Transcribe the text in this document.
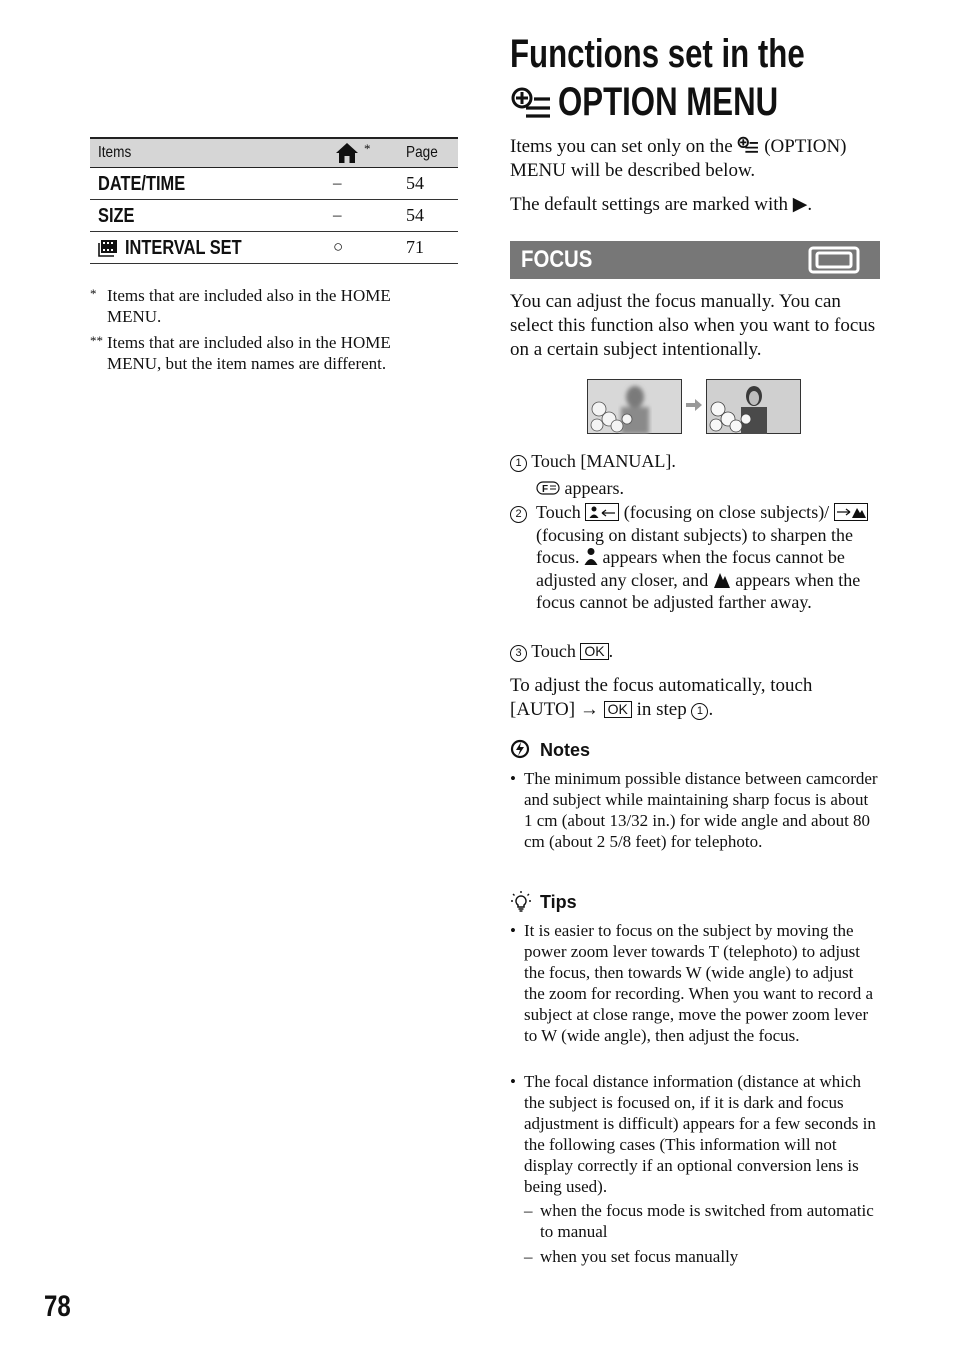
Items	* Page
DATE/TIME	–	54
SIZE	–	54
INTERVAL SET	○	71
* Items that are included also in the HOME MENU.
** Items that are included also in the HOME MENU, but the item names are different.
78
Functions set in the
OPTION MENU
Items you can set only on the (OPTION) MENU will be described below.
The default settings are marked with ▶.
FOCUS
You can adjust the focus manually. You can select this function also when you want to focus on a certain subject intentionally.
1 Touch [MANUAL].
F appears.
2 Touch (focusing on close subjects)/  (focusing on distant subjects) to sharpen the focus. appears when the focus cannot be adjusted any closer, and appears when the focus cannot be adjusted farther away.
3 Touch OK .
To adjust the focus automatically, touch [AUTO] → OK in step 1 .
Notes
• The minimum possible distance between camcorder and subject while maintaining sharp focus is about 1 cm (about 13/32 in.) for wide angle and about 80 cm (about 2 5/8 feet) for telephoto.
Tips
• It is easier to focus on the subject by moving the power zoom lever towards T (telephoto) to adjust the focus, then towards W (wide angle) to adjust the zoom for recording. When you want to record a subject at close range, move the power zoom lever to W (wide angle), then adjust the focus.
• The focal distance information (distance at which the subject is focused on, if it is dark and focus adjustment is difficult) appears for a few seconds in the following cases (This information will not display correctly if an optional conversion lens is being used).
– when the focus mode is switched from automatic to manual
– when you set focus manually
